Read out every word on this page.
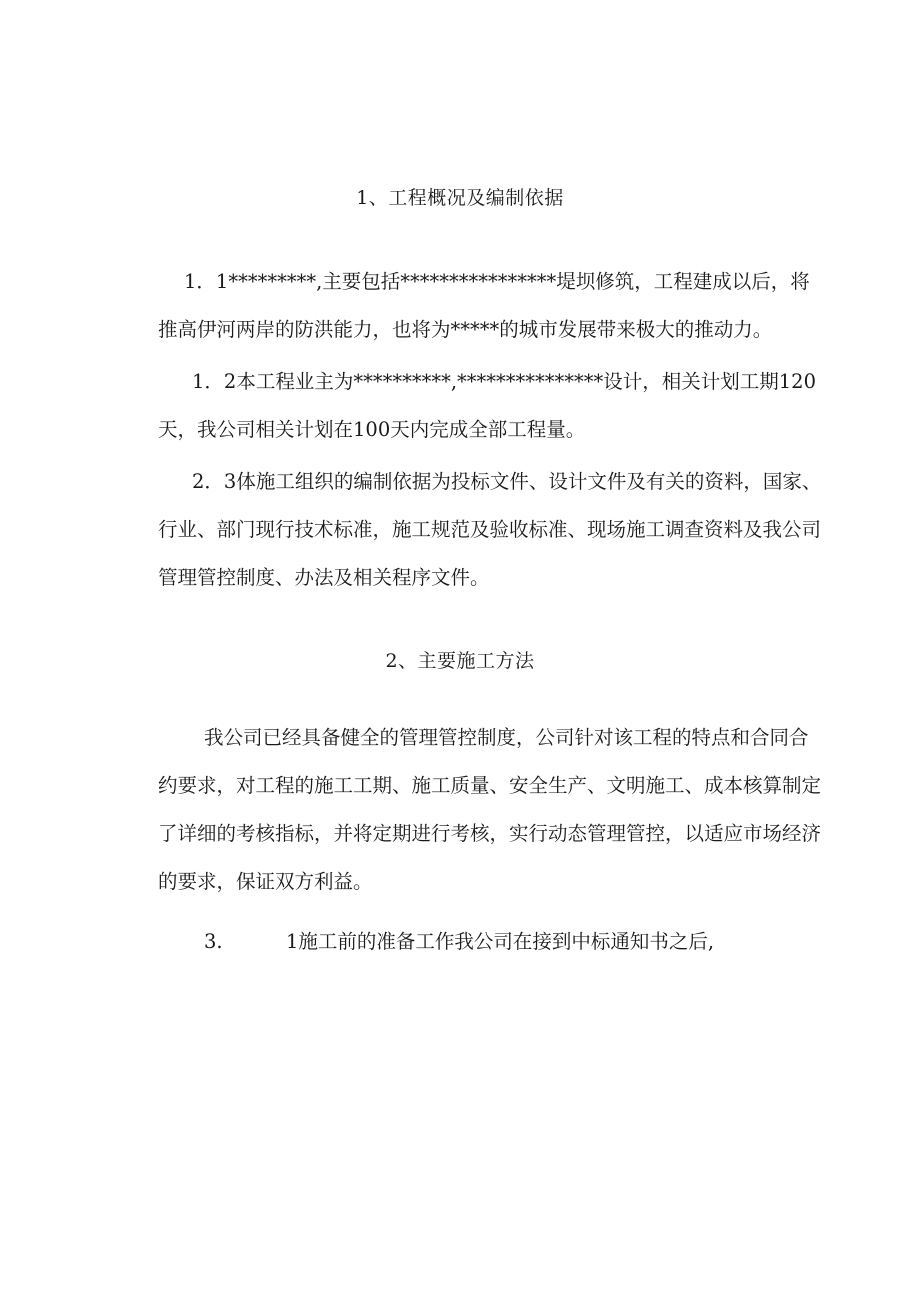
1、工程概况及编制依据

1．1*********,主要包括****************堤坝修筑，工程建成以后，将
推高伊河两岸的防洪能力，也将为*****的城市发展带来极大的推动力。

1．2本工程业主为**********,***************设计，相关计划工期120
天，我公司相关计划在100天内完成全部工程量。

2．3体施工组织的编制依据为投标文件、设计文件及有关的资料，国家、
行业、部门现行技术标准，施工规范及验收标准、现场施工调查资料及我公司
管理管控制度、办法及相关程序文件。

2、主要施工方法

我公司已经具备健全的管理管控制度，公司针对该工程的特点和合同合
约要求，对工程的施工工期、施工质量、安全生产、文明施工、成本核算制定
了详细的考核指标，并将定期进行考核，实行动态管理管控，以适应市场经济
的要求，保证双方利益。

3.	1施工前的准备工作我公司在接到中标通知书之后,
